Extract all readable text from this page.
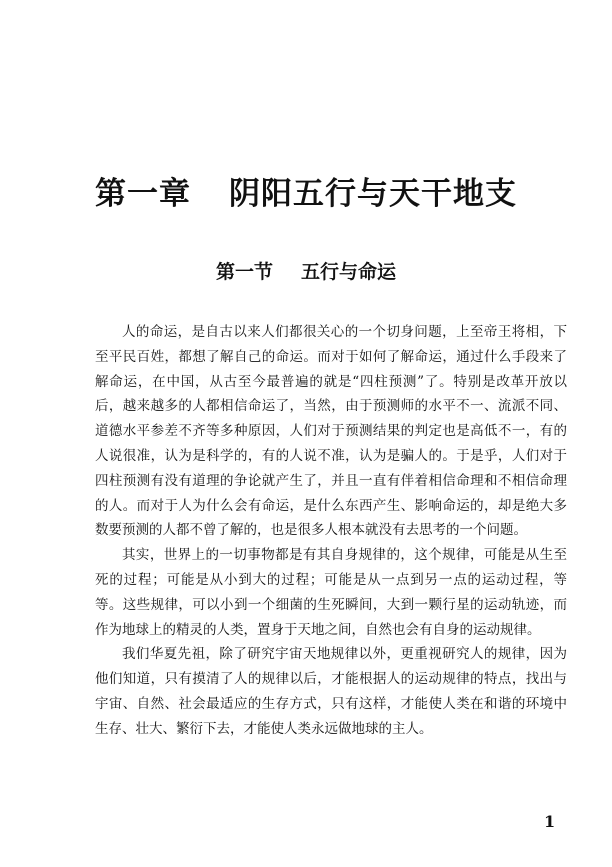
第一章 阴阳五行与天干地支
第一节 五行与命运

人的命运，是自古以来人们都很关心的一个切身问题，上至帝王将相，下至平民百姓，都想了解自己的命运。而对于如何了解命运，通过什么手段来了解命运，在中国，从古至今最普遍的就是“四柱预测”了。特别是改革开放以后，越来越多的人都相信命运了，当然，由于预测师的水平不一、流派不同、道德水平参差不齐等多种原因，人们对于预测结果的判定也是高低不一，有的人说很准，认为是科学的，有的人说不准，认为是骗人的。于是乎，人们对于四柱预测有没有道理的争论就产生了，并且一直有伴着相信命理和不相信命理的人。而对于人为什么会有命运，是什么东西产生、影响命运的，却是绝大多数要预测的人都不曾了解的，也是很多人根本就没有去思考的一个问题。

其实，世界上的一切事物都是有其自身规律的，这个规律，可能是从生至死的过程；可能是从小到大的过程；可能是从一点到另一点的运动过程，等等。这些规律，可以小到一个细菌的生死瞬间，大到一颗行星的运动轨迹，而作为地球上的精灵的人类，置身于天地之间，自然也会有自身的运动规律。

我们华夏先祖，除了研究宇宙天地规律以外，更重视研究人的规律，因为他们知道，只有摸清了人的规律以后，才能根据人的运动规律的特点，找出与宇宙、自然、社会最适应的生存方式，只有这样，才能使人类在和谐的环境中生存、壮大、繁衍下去，才能使人类永远做地球的主人。

1
